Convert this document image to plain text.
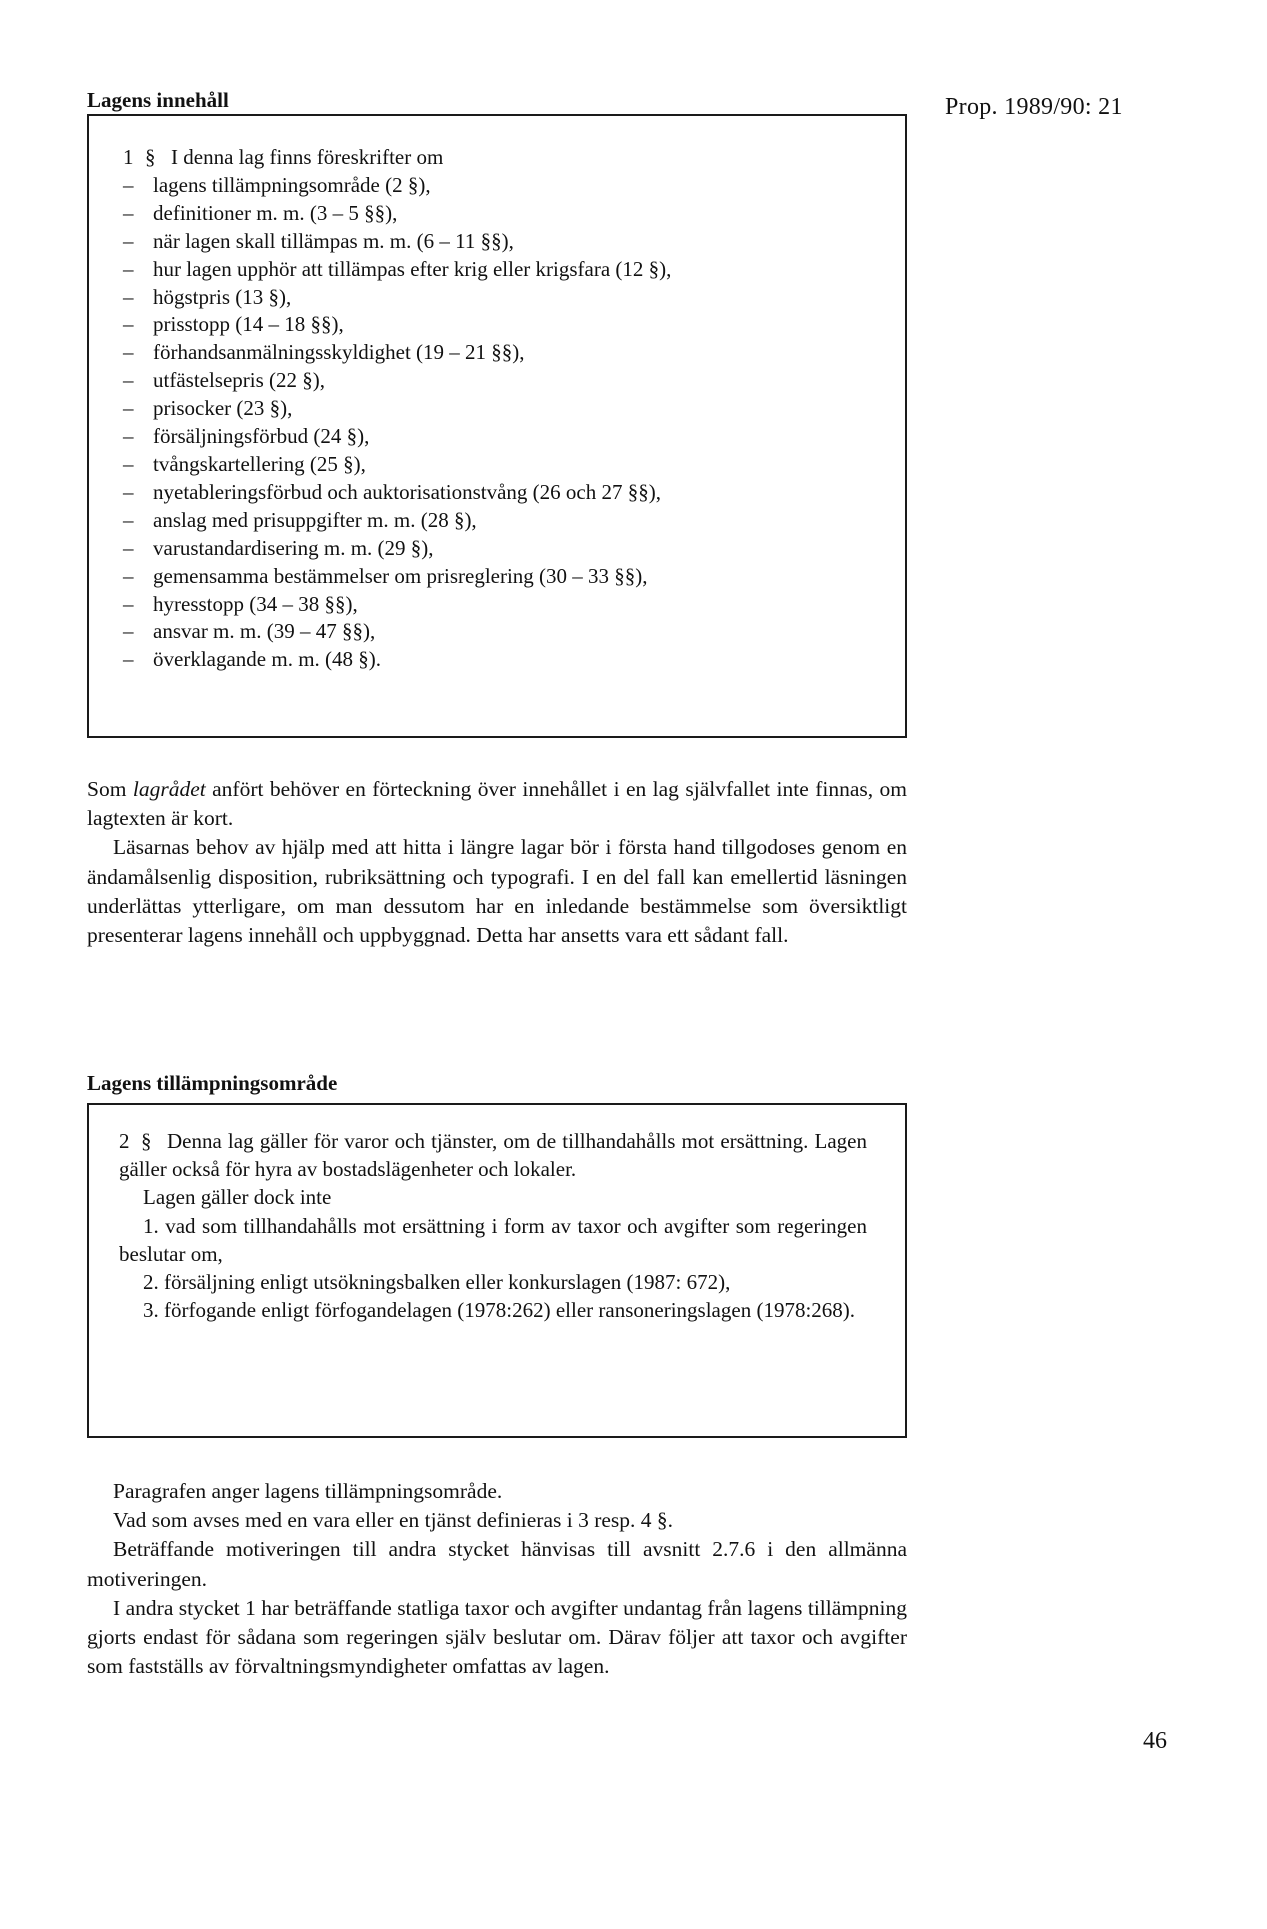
Lagens innehåll	Prop. 1989/90: 21
1 § I denna lag finns föreskrifter om
– lagens tillämpningsområde (2 §),
– definitioner m. m. (3 – 5 §§),
– när lagen skall tillämpas m. m. (6 – 11 §§),
– hur lagen upphör att tillämpas efter krig eller krigsfara (12 §),
– högstpris (13 §),
– prisstopp (14 – 18 §§),
– förhandsanmälningsskyldighet (19 – 21 §§),
– utfästelsepris (22 §),
– prisocker (23 §),
– försäljningsförbud (24 §),
– tvångskartellering (25 §),
– nyetableringsförbud och auktorisationstvång (26 och 27 §§),
– anslag med prisuppgifter m. m. (28 §),
– varustandardisering m. m. (29 §),
– gemensamma bestämmelser om prisreglering (30 – 33 §§),
– hyresstopp (34 – 38 §§),
– ansvar m. m. (39 – 47 §§),
– överklagande m. m. (48 §).

Som lagrådet anfört behöver en förteckning över innehållet i en lag självfallet inte finnas, om lagtexten är kort.

Läsarnas behov av hjälp med att hitta i längre lagar bör i första hand tillgodoses genom en ändamålsenlig disposition, rubriksättning och typografi. I en del fall kan emellertid läsningen underlättas ytterligare, om man dessutom har en inledande bestämmelse som översiktligt presenterar lagens innehåll och uppbyggnad. Detta har ansetts vara ett sådant fall.

Lagens tillämpningsområde

2 § Denna lag gäller för varor och tjänster, om de tillhandahålls mot ersättning. Lagen gäller också för hyra av bostadslägenheter och lokaler.

Lagen gäller dock inte

1. vad som tillhandahålls mot ersättning i form av taxor och avgifter som regeringen beslutar om,

2. försäljning enligt utsökningsbalken eller konkurslagen (1987: 672),

3. förfogande enligt förfogandelagen (1978:262) eller ransoneringslagen (1978:268).

Paragrafen anger lagens tillämpningsområde.

Vad som avses med en vara eller en tjänst definieras i 3 resp. 4 §.

Beträffande motiveringen till andra stycket hänvisas till avsnitt 2.7.6 i den allmänna motiveringen.

I andra stycket 1 har beträffande statliga taxor och avgifter undantag från lagens tillämpning gjorts endast för sådana som regeringen själv beslutar om. Därav följer att taxor och avgifter som fastställs av förvaltningsmyndigheter omfattas av lagen.

46
